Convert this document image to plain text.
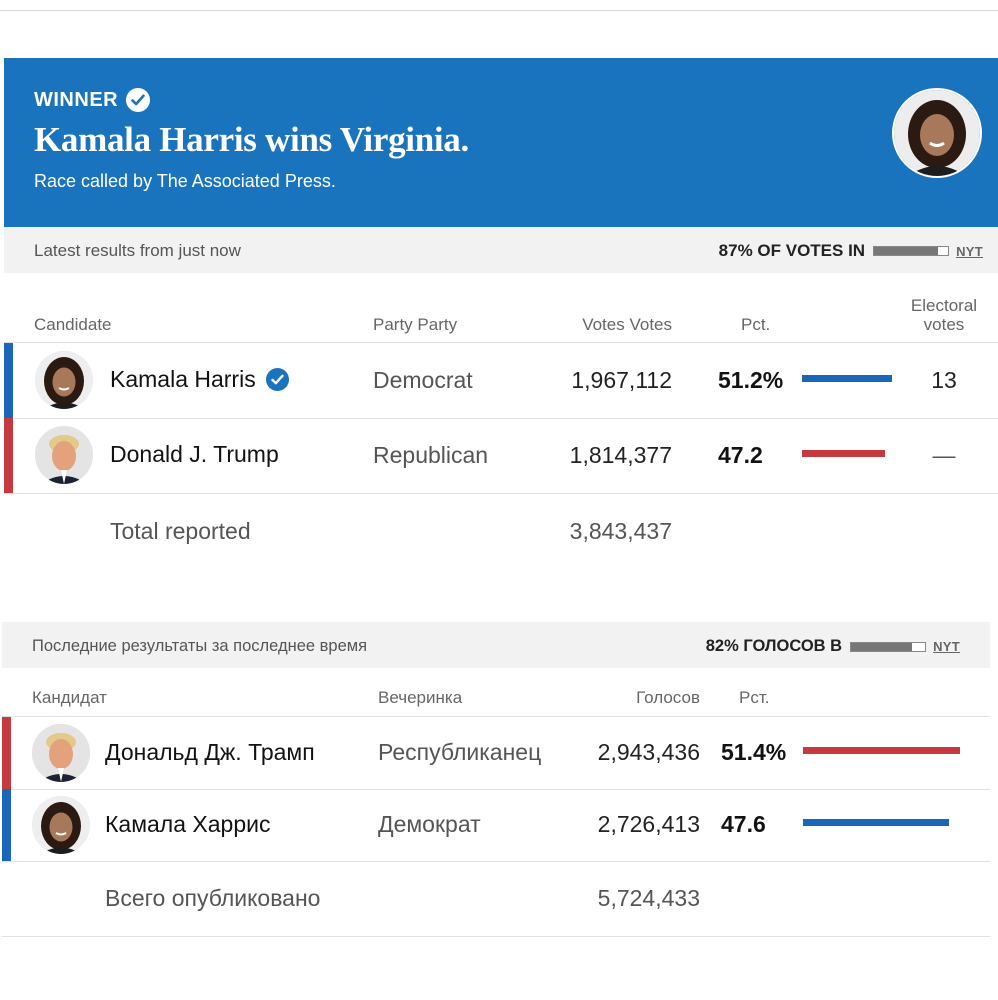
WINNER
Kamala Harris wins Virginia.
Race called by The Associated Press.
Latest results from just now	87% OF VOTES IN	NYT
Candidate	Party Party	Votes Votes	Pct.
Electoral
votes
Kamala Harris	Democrat	1,967,112 51.2%	13
Donald J. Trump	Republican	1,814,377 47.2	—
Total reported	3,843,437
Последние результаты за последнее время	82% ГОЛОСОВ В	NYT
Кандидат	Вечеринка	Голосов Рст.
Дональд Дж. Трамп	Республиканец 2,943,436 51.4%
Камала Харрис	Демократ	2,726,413 47.6
Всего опубликовано	5,724,433
